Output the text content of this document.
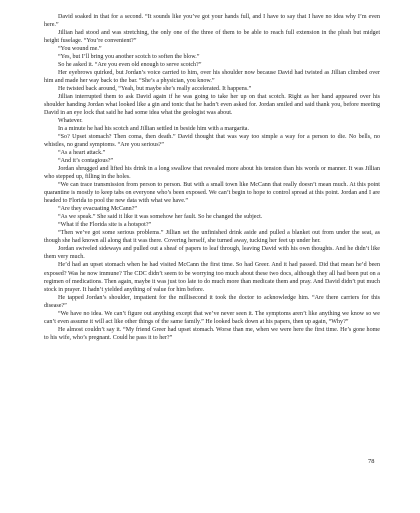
David soaked in that for a second. “It sounds like you’ve got your hands full, and I have to say that I have no idea why I’m even here.”

Jillian had stood and was stretching, the only one of the three of them to be able to reach full extension in the plush but midget height fuselage. “You’re convenient?”

“You wound me.”

“Yes, but I’ll bring you another scotch to soften the blow.”

So he asked it. “Are you even old enough to serve scotch?”

Her eyebrows quirked, but Jordan’s voice carried to him, over his shoulder now because David had twisted as Jillian climbed over him and made her way back to the bar. “She’s a physician, you know.”

He twisted back around, “Yeah, but maybe she’s really accelerated. It happens.”

Jillian interrupted them to ask David again if he was going to take her up on that scotch. Right as her hand appeared over his shoulder handing Jordan what looked like a gin and tonic that he hadn’t even asked for. Jordan smiled and said thank you, before meeting David in an eye lock that said he had some idea what the geologist was about.

Whatever.

In a minute he had his scotch and Jillian settled in beside him with a margarita.

“So? Upset stomach? Then coma, then death.” David thought that was way too simple a way for a person to die. No bells, no whistles, no grand symptoms. “Are you serious?”

“As a heart attack.”

“And it’s contagious?”

Jordan shrugged and lifted his drink in a long swallow that revealed more about his tension than his words or manner. It was Jillian who stepped up, filling in the holes.

“We can trace transmission from person to person. But with a small town like McCann that really doesn’t mean much. At this point quarantine is mostly to keep tabs on everyone who’s been exposed. We can’t begin to hope to control spread at this point. Jordan and I are headed to Florida to pool the new data with what we have.”

“Are they evacuating McCann?”

“As we speak.” She said it like it was somehow her fault. So he changed the subject.

“What if the Florida site is a hotspot?”

“Then we’ve got some serious problems.” Jillian set the unfinished drink aside and pulled a blanket out from under the seat, as though she had known all along that it was there. Covering herself, she turned away, tucking her feet up under her.

Jordan swiveled sideways and pulled out a sheaf of papers to leaf through, leaving David with his own thoughts. And he didn’t like them very much.

He’d had an upset stomach when he had visited McCann the first time. So had Greer. And it had passed. Did that mean he’d been exposed? Was he now immune? The CDC didn’t seem to be worrying too much about these two docs, although they all had been put on a regimen of medications. Then again, maybe it was just too late to do much more than medicate them and pray. And David didn’t put much stock in prayer. It hadn’t yielded anything of value for him before.

He tapped Jordan’s shoulder, impatient for the millisecond it took the doctor to acknowledge him. “Are there carriers for this disease?”

“We have no idea. We can’t figure out anything except that we’ve never seen it. The symptoms aren’t like anything we know so we can’t even assume it will act like other things of the same family.” He looked back down at his papers, then up again, “Why?”

He almost couldn’t say it. “My friend Greer had upset stomach. Worse than me, when we were here the first time. He’s gone home to his wife, who’s pregnant. Could he pass it to her?”

78
